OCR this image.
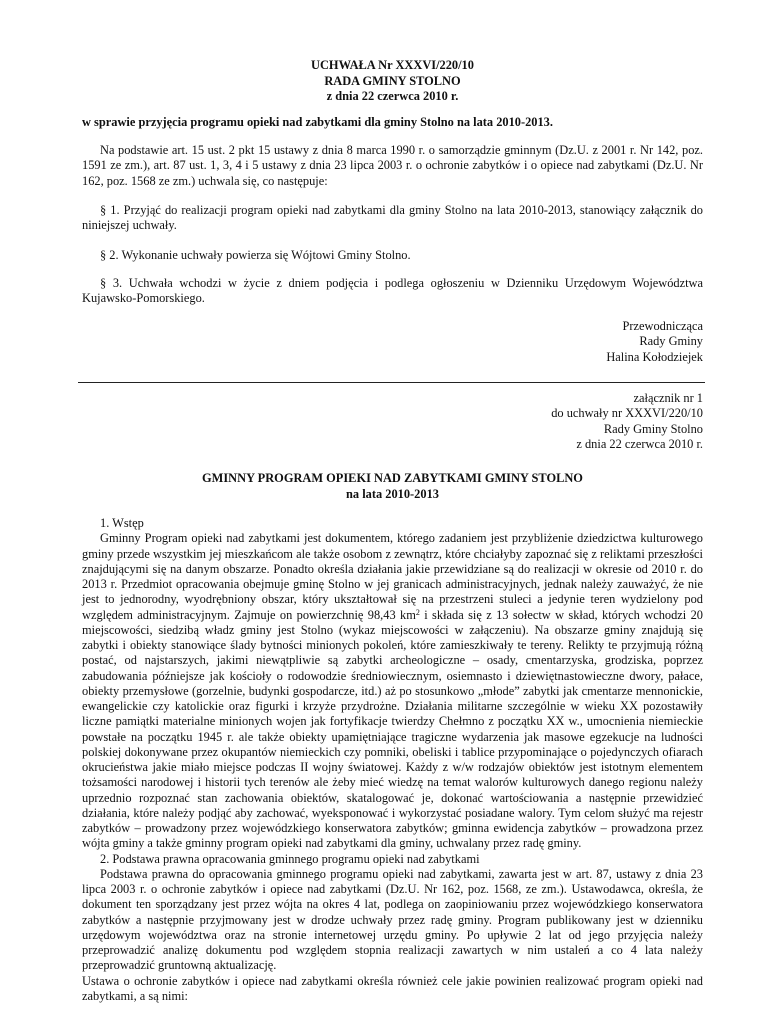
UCHWAŁA Nr XXXVI/220/10
RADA GMINY STOLNO
z dnia 22 czerwca 2010 r.
w sprawie przyjęcia programu opieki nad zabytkami dla gminy Stolno na lata 2010-2013.

Na podstawie art. 15 ust. 2 pkt 15 ustawy z dnia 8 marca 1990 r. o samorządzie gminnym (Dz.U. z 2001 r. Nr 142, poz. 1591 ze zm.), art. 87 ust. 1, 3, 4 i 5 ustawy z dnia 23 lipca 2003 r. o ochronie zabytków i o opiece nad zabytkami (Dz.U. Nr 162, poz. 1568 ze zm.) uchwala się, co następuje:

§ 1. Przyjąć do realizacji program opieki nad zabytkami dla gminy Stolno na lata 2010-2013, stanowiący załącznik do niniejszej uchwały.

§ 2. Wykonanie uchwały powierza się Wójtowi Gminy Stolno.

§ 3. Uchwała wchodzi w życie z dniem podjęcia i podlega ogłoszeniu w Dzienniku Urzędowym Województwa Kujawsko-Pomorskiego.

Przewodnicząca
Rady Gminy
Halina Kołodziejek
załącznik nr 1
do uchwały nr XXXVI/220/10
Rady Gminy Stolno
z dnia 22 czerwca 2010 r.
GMINNY PROGRAM OPIEKI NAD ZABYTKAMI GMINY STOLNO
na lata 2010-2013

1. Wstęp

Gminny Program opieki nad zabytkami jest dokumentem, którego zadaniem jest przybliżenie dziedzictwa kulturowego gminy przede wszystkim jej mieszkańcom ale także osobom z zewnątrz, które chciałyby zapoznać się z reliktami przeszłości znajdującymi się na danym obszarze. Ponadto określa działania jakie przewidziane są do realizacji w okresie od 2010 r. do 2013 r. Przedmiot opracowania obejmuje gminę Stolno w jej granicach administracyjnych, jednak należy zauważyć, że nie jest to jednorodny, wyodrębniony obszar, który ukształtował się na przestrzeni stuleci a jedynie teren wydzielony pod względem administracyjnym. Zajmuje on powierzchnię 98,43 $km^2$ i składa się z 13 sołectw w skład, których wchodzi 20 miejscowości, siedzibą władz gminy jest Stolno (wykaz miejscowości w załączeniu). Na obszarze gminy znajdują się zabytki i obiekty stanowiące ślady bytności minionych pokoleń, które zamieszkiwały te tereny. Relikty te przyjmują różną postać, od najstarszych, jakimi niewątpliwie są zabytki archeologiczne – osady, cmentarzyska, grodziska, poprzez zabudowania późniejsze jak kościoły o rodowodzie średniowiecznym, osiemnasto i dziewiętnastowieczne dwory, pałace, obiekty przemysłowe (gorzelnie, budynki gospodarcze, itd.) aż po stosunkowo „młode” zabytki jak cmentarze mennonickie, ewangelickie czy katolickie oraz figurki i krzyże przydrożne. Działania militarne szczególnie w wieku XX pozostawiły liczne pamiątki materialne minionych wojen jak fortyfikacje twierdzy Chełmno z początku XX w., umocnienia niemieckie powstałe na początku 1945 r. ale także obiekty upamiętniające tragiczne wydarzenia jak masowe egzekucje na ludności polskiej dokonywane przez okupantów niemieckich czy pomniki, obeliski i tablice przypominające o pojedynczych ofiarach okrucieństwa jakie miało miejsce podczas II wojny światowej. Każdy z w/w rodzajów obiektów jest istotnym elementem tożsamości narodowej i historii tych terenów ale żeby mieć wiedzę na temat walorów kulturowych danego regionu należy uprzednio rozpoznać stan zachowania obiektów, skatalogować je, dokonać wartościowania a następnie przewidzieć działania, które należy podjąć aby zachować, wyeksponować i wykorzystać posiadane walory. Tym celom służyć ma rejestr zabytków – prowadzony przez wojewódzkiego konserwatora zabytków; gminna ewidencja zabytków – prowadzona przez wójta gminy a także gminny program opieki nad zabytkami dla gminy, uchwalany przez radę gminy.

2. Podstawa prawna opracowania gminnego programu opieki nad zabytkami

Podstawa prawna do opracowania gminnego programu opieki nad zabytkami, zawarta jest w art. 87, ustawy z dnia 23 lipca 2003 r. o ochronie zabytków i opiece nad zabytkami (Dz.U. Nr 162, poz. 1568, ze zm.). Ustawodawca, określa, że dokument ten sporządzany jest przez wójta na okres 4 lat, podlega on zaopiniowaniu przez wojewódzkiego konserwatora zabytków a następnie przyjmowany jest w drodze uchwały przez radę gminy. Program publikowany jest w dzienniku urzędowym województwa oraz na stronie internetowej urzędu gminy. Po upływie 2 lat od jego przyjęcia należy przeprowadzić analizę dokumentu pod względem stopnia realizacji zawartych w nim ustaleń a co 4 lata należy przeprowadzić gruntowną aktualizację.

Ustawa o ochronie zabytków i opiece nad zabytkami określa również cele jakie powinien realizować program opieki nad zabytkami, a są nimi:
